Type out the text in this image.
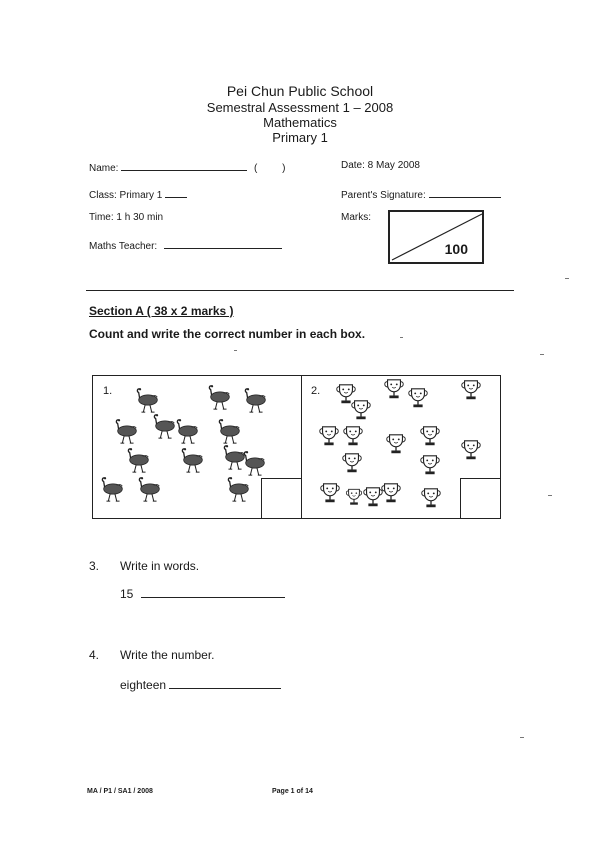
Pei Chun Public School
Semestral Assessment 1 – 2008
Mathematics
Primary 1
Name:	( )	Date: 8 May 2008
Class: Primary 1	Parent's Signature:
Time: 1 h 30 min	Marks:
Maths Teacher:	100
Section A ( 38 x 2 marks )
Count and write the correct number in each box.
1.	2.
3. Write in words.
15
4. Write the number.
eighteen
MA / P1 / SA1 / 2008	Page 1 of 14
